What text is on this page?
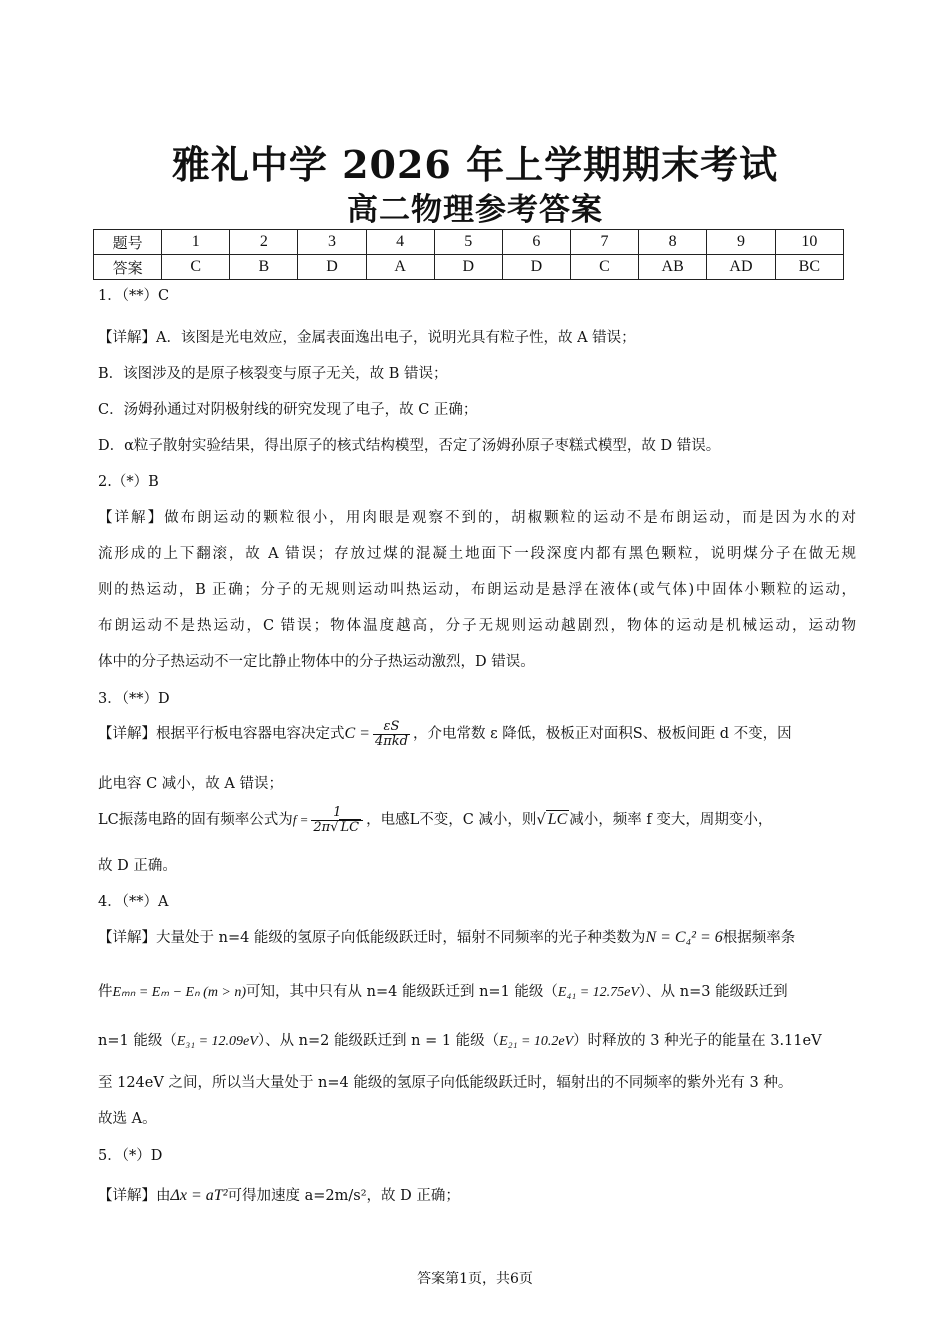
雅礼中学 2026 年上学期期末考试
高二物理参考答案
题号	1	2	3	4	5	6	7	8	9	10
答案	C	B	D	A	D	D	C	AB	AD	BC
1．（**）C
【详解】A．该图是光电效应，金属表面逸出电子，说明光具有粒子性，故 A 错误；
B．该图涉及的是原子核裂变与原子无关，故 B 错误；
C．汤姆孙通过对阴极射线的研究发现了电子，故 C 正确；
D．α粒子散射实验结果，得出原子的核式结构模型，否定了汤姆孙原子枣糕式模型，故 D 错误。
2.（*）B
【详解】做布朗运动的颗粒很小，用肉眼是观察不到的，胡椒颗粒的运动不是布朗运动，而是因为水的对
流形成的上下翻滚，故 A 错误；存放过煤的混凝土地面下一段深度内都有黑色颗粒，说明煤分子在做无规
则的热运动，B 正确；分子的无规则运动叫热运动，布朗运动是悬浮在液体(或气体)中固体小颗粒的运动，
布朗运动不是热运动，C 错误；物体温度越高，分子无规则运动越剧烈，物体的运动是机械运动，运动物
体中的分子热运动不一定比静止物体中的分子热运动激烈，D 错误。
3．（**）D
【详解】根据平行板电容器电容决定式$C = \frac{\varepsilon S}{\text{4πkd}}$ ，介电常数 ε 降低，极板正对面积S、极板间距 d 不变，因
此电容 C 减小，故 A 错误；
LC振荡电路的固有频率公式为$f = \frac{1}{2\pi√ LC}$ ，电感L不变，C 减小，则√ LC 减小，频率 f 变大，周期变小，
故 D 正确。
4．（**）A
【详解】大量处于 n=4 能级的氢原子向低能级跃迁时，辐射不同频率的光子种类数为N = C₄² = 6根据频率条
件Eₘₙ = Eₘ − Eₙ (m > n)可知，其中只有从 n=4 能级跃迁到 n=1 能级（E₄₁ = 12.75eV）、从 n=3 能级跃迁到
n=1 能级（E₃₁ = 12.09eV）、从 n=2 能级跃迁到 n = 1 能级（E₂₁ = 10.2eV）时释放的 3 种光子的能量在 3.11eV
至 124eV 之间，所以当大量处于 n=4 能级的氢原子向低能级跃迁时，辐射出的不同频率的紫外光有 3 种。
故选 A。
5．（*）D
【详解】由Δx = aT²可得加速度 a=2m/s²，故 D 正确；
答案第1页，共6页
